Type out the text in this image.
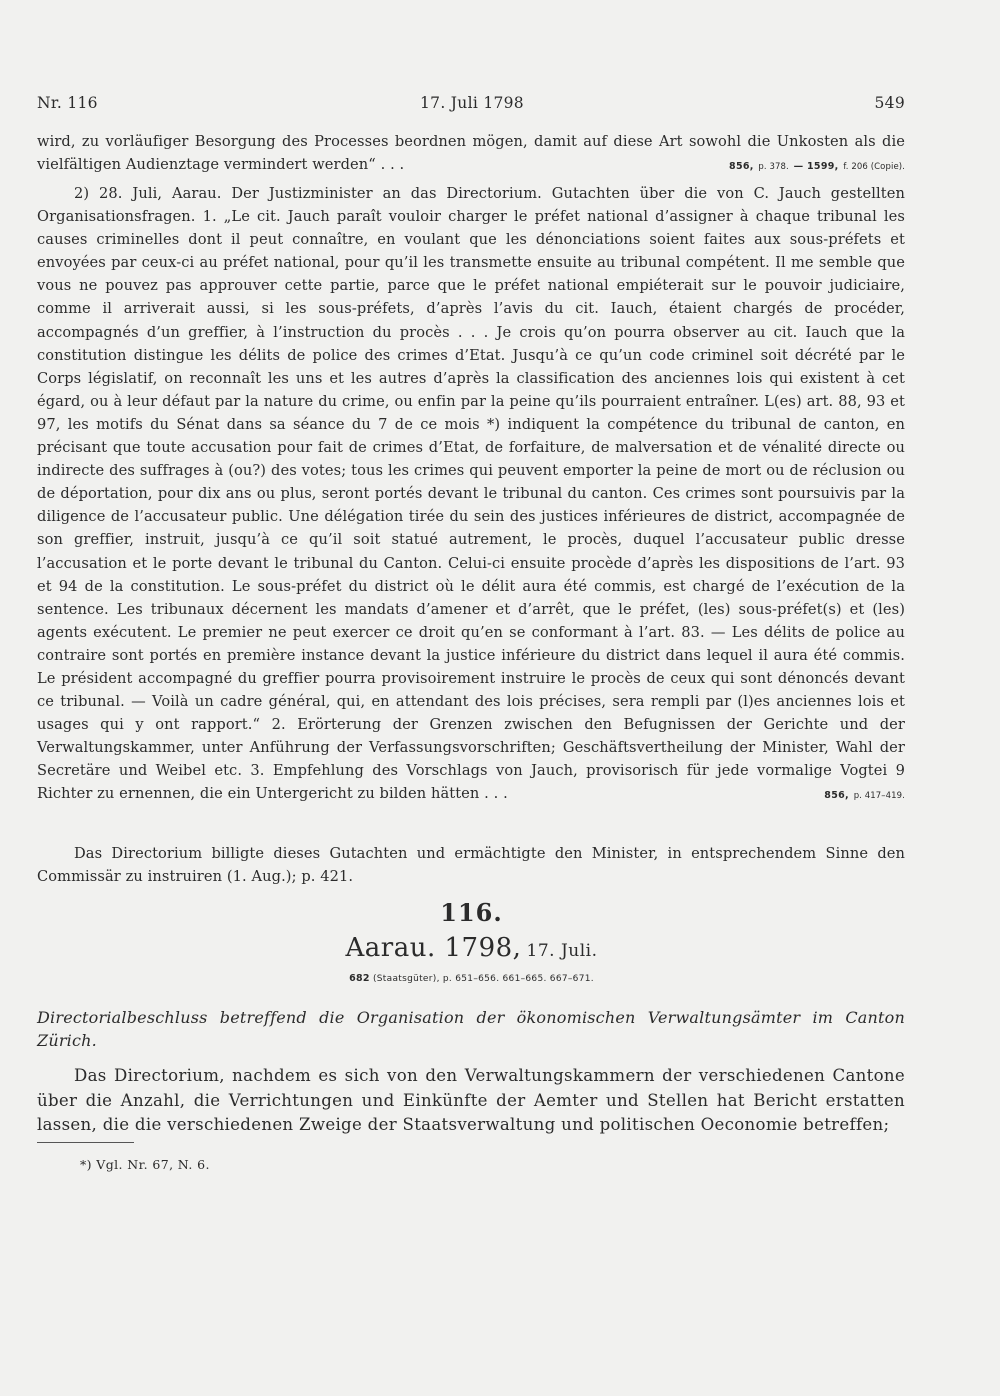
Nr. 116	17. Juli 1798	549

wird, zu vorläufiger Besorgung des Processes beordnen mögen, damit auf diese Art sowohl die Unkosten als die vielfältigen Audienztage vermindert werden“ . . .	856, p. 378. — 1599, f. 206 (Copie).

2) 28. Juli, Aarau. Der Justizminister an das Directorium. Gutachten über die von C. Jauch gestellten Organisationsfragen. 1. „Le cit. Jauch paraît vouloir charger le préfet national d’assigner à chaque tribunal les causes criminelles dont il peut connaître, en voulant que les dénonciations soient faites aux sous-préfets et envoyées par ceux-ci au préfet national, pour qu’il les transmette ensuite au tribunal compétent. Il me semble que vous ne pouvez pas approuver cette partie, parce que le préfet national empiéterait sur le pouvoir judiciaire, comme il arriverait aussi, si les sous-préfets, d’après l’avis du cit. Iauch, étaient chargés de procéder, accompagnés d’un greffier, à l’instruction du procès . . . Je crois qu’on pourra observer au cit. Iauch que la constitution distingue les délits de police des crimes d’Etat. Jusqu’à ce qu’un code criminel soit décrété par le Corps législatif, on reconnaît les uns et les autres d’après la classification des anciennes lois qui existent à cet égard, ou à leur défaut par la nature du crime, ou enfin par la peine qu’ils pourraient entraîner. L(es) art. 88, 93 et 97, les motifs du Sénat dans sa séance du 7 de ce mois *) indiquent la compétence du tribunal de canton, en précisant que toute accusation pour fait de crimes d’Etat, de forfaiture, de malversation et de vénalité directe ou indirecte des suffrages à (ou?) des votes; tous les crimes qui peuvent emporter la peine de mort ou de réclusion ou de déportation, pour dix ans ou plus, seront portés devant le tribunal du canton. Ces crimes sont poursuivis par la diligence de l’accusateur public. Une délégation tirée du sein des justices inférieures de district, accompagnée de son greffier, instruit, jusqu’à ce qu’il soit statué autrement, le procès, duquel l’accusateur public dresse l’accusation et le porte devant le tribunal du Canton. Celui-ci ensuite procède d’après les dispositions de l’art. 93 et 94 de la constitution. Le sous-préfet du district où le délit aura été commis, est chargé de l’exécution de la sentence. Les tribunaux décernent les mandats d’amener et d’arrêt, que le préfet, (les) sous-préfet(s) et (les) agents exécutent. Le premier ne peut exercer ce droit qu’en se conformant à l’art. 83. — Les délits de police au contraire sont portés en première instance devant la justice inférieure du district dans lequel il aura été commis. Le président accompagné du greffier pourra provisoirement instruire le procès de ceux qui sont dénoncés devant ce tribunal. — Voilà un cadre général, qui, en attendant des lois précises, sera rempli par (l)es anciennes lois et usages qui y ont rapport.“ 2. Erörterung der Grenzen zwischen den Befugnissen der Gerichte und der Verwaltungskammer, unter Anführung der Verfassungsvorschriften; Geschäftsvertheilung der Minister, Wahl der Secretäre und Weibel etc. 3. Empfehlung des Vorschlags von Jauch, provisorisch für jede vormalige Vogtei 9 Richter zu ernennen, die ein Untergericht zu bilden hätten . . .	856, p. 417–419.

Das Directorium billigte dieses Gutachten und ermächtigte den Minister, in entsprechendem Sinne den Commissär zu instruiren (1. Aug.); p. 421.

116.
Aarau. 1798, 17. Juli.
682 (Staatsgüter), p. 651–656. 661–665. 667–671.
Directorialbeschluss betreffend die Organisation der ökonomischen Verwaltungsämter im Canton Zürich.

Das Directorium, nachdem es sich von den Verwaltungskammern der verschiedenen Cantone über die Anzahl, die Verrichtungen und Einkünfte der Aemter und Stellen hat Bericht erstatten lassen, die die verschiedenen Zweige der Staatsverwaltung und politischen Oeconomie betreffen;

*) Vgl. Nr. 67, N. 6.
